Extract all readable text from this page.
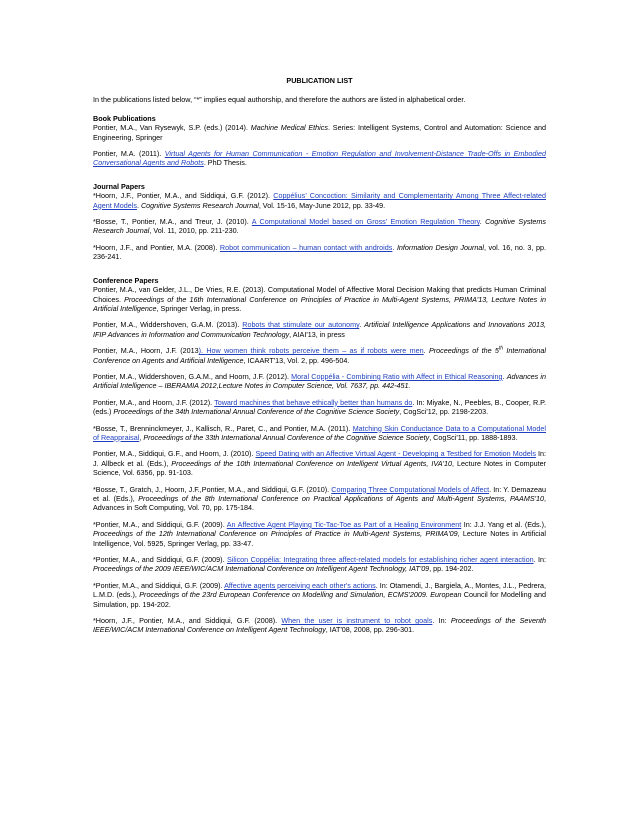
PUBLICATION LIST

In the publications listed below, “*” implies equal authorship, and therefore the authors are listed in alphabetical order.

Book Publications

Pontier, M.A., Van Rysewyk, S.P. (eds.) (2014). Machine Medical Ethics. Series: Intelligent Systems, Control and Automation: Science and Engineering, Springer

Pontier, M.A. (2011). Virtual Agents for Human Communication - Emotion Regulation and Involvement-Distance Trade-Offs in Embodied Conversational Agents and Robots. PhD Thesis.

Journal Papers

*Hoorn, J.F., Pontier, M.A., and Siddiqui, G.F. (2012). Coppélius’ Concoction: Similarity and Complementarity Among Three Affect-related Agent Models. Cognitive Systems Research Journal, Vol. 15-16, May-June 2012, pp. 33-49.

*Bosse, T., Pontier, M.A., and Treur, J. (2010). A Computational Model based on Gross’ Emotion Regulation Theory. Cognitive Systems Research Journal, Vol. 11, 2010, pp. 211-230.

*Hoorn, J.F., and Pontier, M.A. (2008). Robot communication – human contact with androids. Information Design Journal, vol. 16, no. 3, pp. 236-241.

Conference Papers

Pontier, M.A., van Gelder, J.L., De Vries, R.E. (2013). Computational Model of Affective Moral Decision Making that predicts Human Criminal Choices. Proceedings of the 16th International Conference on Principles of Practice in Multi-Agent Systems, PRIMA'13, Lecture Notes in Artificial Intelligence, Springer Verlag, in press.

Pontier, M.A., Widdershoven, G.A.M. (2013). Robots that stimulate our autonomy. Artificial Intelligence Applications and Innovations 2013, IFIP Advances in Information and Communication Technology, AIAI'13, in press

Pontier, M.A., Hoorn, J.F. (2013). How women think robots perceive them – as if robots were men. Proceedings of the 5th International Conference on Agents and Artificial Intelligence, ICAART'13, Vol. 2, pp. 496-504.

Pontier, M.A., Widdershoven, G.A.M., and Hoorn, J.F. (2012). Moral Coppélia - Combining Ratio with Affect in Ethical Reasoning. Advances in Artificial Intelligence – IBERAMIA 2012,Lecture Notes in Computer Science, Vol. 7637, pp. 442-451.

Pontier, M.A., and Hoorn, J.F. (2012). Toward machines that behave ethically better than humans do. In: Miyake, N., Peebles, B., Cooper, R.P. (eds.) Proceedings of the 34th International Annual Conference of the Cognitive Science Society, CogSci'12, pp. 2198-2203.

*Bosse, T., Brenninckmeyer, J., Kallisch, R., Paret, C., and Pontier, M.A. (2011). Matching Skin Conductance Data to a Computational Model of Reappraisal, Proceedings of the 33th International Annual Conference of the Cognitive Science Society, CogSci'11, pp. 1888-1893.

Pontier, M.A., Siddiqui, G.F., and Hoorn, J. (2010). Speed Dating with an Affective Virtual Agent - Developing a Testbed for Emotion Models In: J. Allbeck et al. (Eds.), Proceedings of the 10th International Conference on Intelligent Virtual Agents, IVA'10, Lecture Notes in Computer Science, Vol. 6356, pp. 91-103.

*Bosse, T., Gratch, J., Hoorn, J.F.,Pontier, M.A., and Siddiqui, G.F. (2010). Comparing Three Computational Models of Affect. In: Y. Demazeau et al. (Eds.), Proceedings of the 8th International Conference on Practical Applications of Agents and Multi-Agent Systems, PAAMS'10, Advances in Soft Computing, Vol. 70, pp. 175-184.

*Pontier, M.A., and Siddiqui, G.F. (2009). An Affective Agent Playing Tic-Tac-Toe as Part of a Healing Environment In: J.J. Yang et al. (Eds.), Proceedings of the 12th International Conference on Principles of Practice in Multi-Agent Systems, PRIMA'09, Lecture Notes in Artificial Intelligence, Vol. 5925, Springer Verlag, pp. 33-47.

*Pontier, M.A., and Siddiqui, G.F. (2009). Silicon Coppélia: Integrating three affect-related models for establishing richer agent interaction. In: Proceedings of the 2009 IEEE/WIC/ACM International Conference on Intelligent Agent Technology, IAT'09, pp. 194-202.

*Pontier, M.A., and Siddiqui, G.F. (2009). Affective agents perceiving each other's actions. In: Otamendi, J., Bargiela, A., Montes, J.L., Pedrera, L.M.D. (eds.), Proceedings of the 23rd European Conference on Modelling and Simulation, ECMS'2009. European Council for Modelling and Simulation, pp. 194-202.

*Hoorn, J.F., Pontier, M.A., and Siddiqui, G.F. (2008). When the user is instrument to robot goals. In: Proceedings of the Seventh IEEE/WIC/ACM International Conference on Intelligent Agent Technology, IAT'08, 2008, pp. 296-301.
